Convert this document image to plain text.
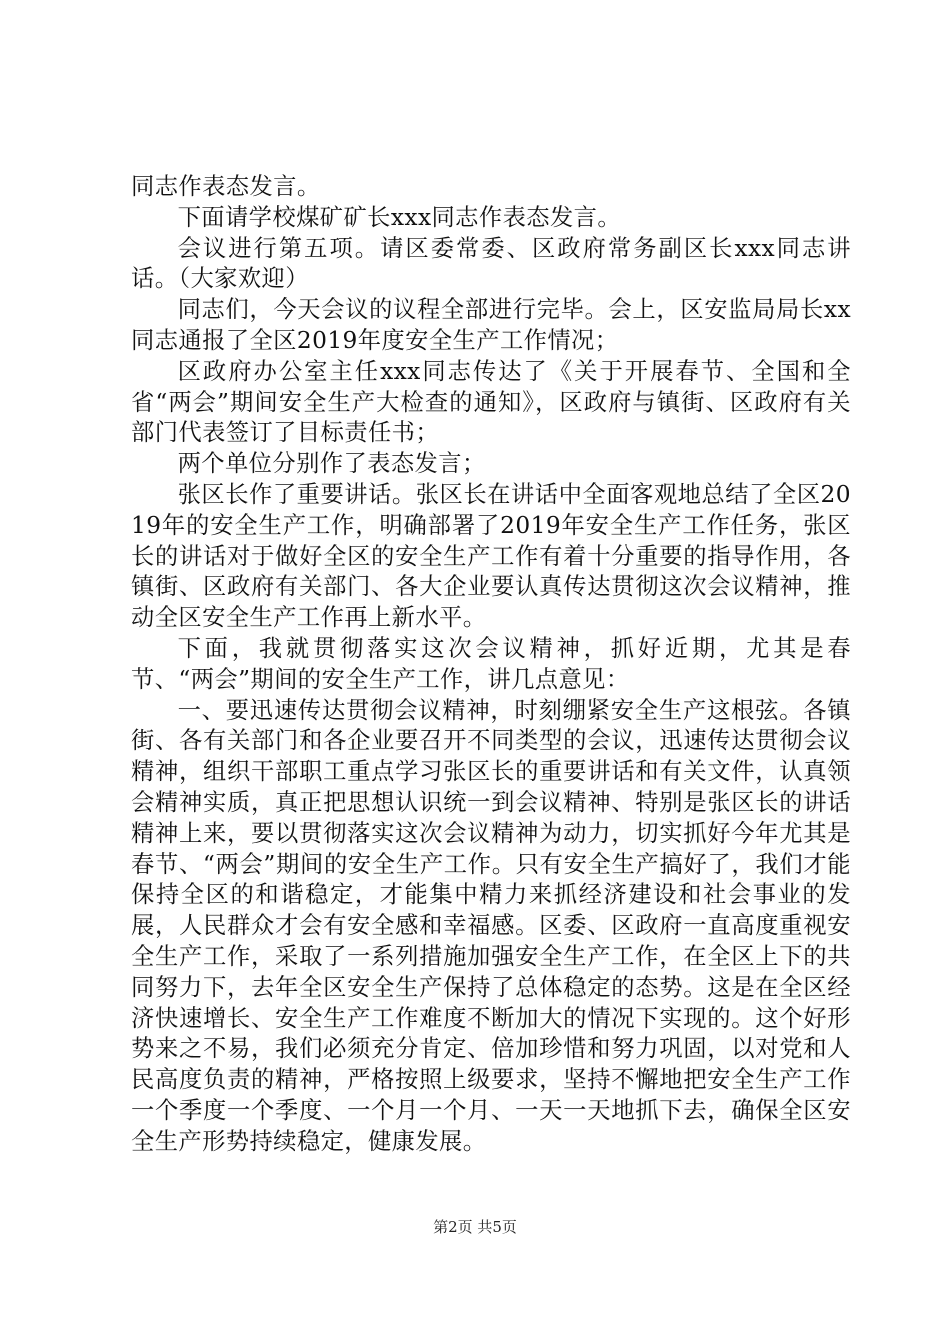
同志作表态发言。

下面请学校煤矿矿长xxx同志作表态发言。

会议进行第五项。请区委常委、区政府常务副区长xxx同志讲话。（大家欢迎）

同志们，今天会议的议程全部进行完毕。会上，区安监局局长xx同志通报了全区2019年度安全生产工作情况；

区政府办公室主任xxx同志传达了《关于开展春节、全国和全省“两会”期间安全生产大检查的通知》，区政府与镇街、区政府有关部门代表签订了目标责任书；

两个单位分别作了表态发言；

张区长作了重要讲话。张区长在讲话中全面客观地总结了全区2019年的安全生产工作，明确部署了2019年安全生产工作任务，张区长的讲话对于做好全区的安全生产工作有着十分重要的指导作用，各镇街、区政府有关部门、各大企业要认真传达贯彻这次会议精神，推动全区安全生产工作再上新水平。

下面，我就贯彻落实这次会议精神，抓好近期，尤其是春节、“两会”期间的安全生产工作，讲几点意见：

一、要迅速传达贯彻会议精神，时刻绷紧安全生产这根弦。各镇街、各有关部门和各企业要召开不同类型的会议，迅速传达贯彻会议精神，组织干部职工重点学习张区长的重要讲话和有关文件，认真领会精神实质，真正把思想认识统一到会议精神、特别是张区长的讲话精神上来，要以贯彻落实这次会议精神为动力，切实抓好今年尤其是春节、“两会”期间的安全生产工作。只有安全生产搞好了，我们才能保持全区的和谐稳定，才能集中精力来抓经济建设和社会事业的发展，人民群众才会有安全感和幸福感。区委、区政府一直高度重视安全生产工作，采取了一系列措施加强安全生产工作，在全区上下的共同努力下，去年全区安全生产保持了总体稳定的态势。这是在全区经济快速增长、安全生产工作难度不断加大的情况下实现的。这个好形势来之不易，我们必须充分肯定、倍加珍惜和努力巩固，以对党和人民高度负责的精神，严格按照上级要求，坚持不懈地把安全生产工作一个季度一个季度、一个月一个月、一天一天地抓下去，确保全区安全生产形势持续稳定，健康发展。

第2页 共5页
